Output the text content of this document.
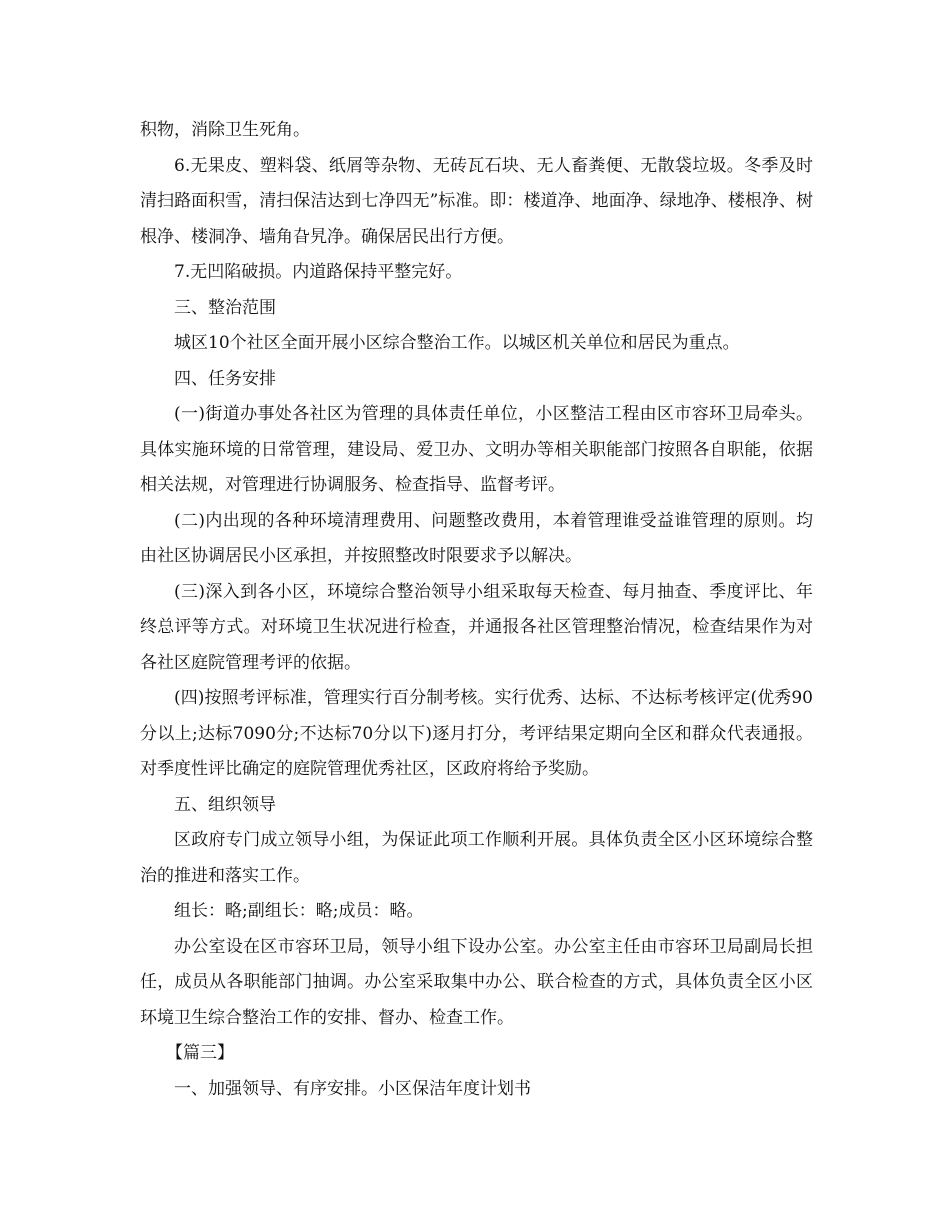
积物，消除卫生死角。

6.无果皮、塑料袋、纸屑等杂物、无砖瓦石块、无人畜粪便、无散袋垃圾。冬季及时清扫路面积雪，清扫保洁达到七净四无”标准。即：楼道净、地面净、绿地净、楼根净、树根净、楼洞净、墙角旮旯净。确保居民出行方便。

7.无凹陷破损。内道路保持平整完好。

三、整治范围

城区10个社区全面开展小区综合整治工作。以城区机关单位和居民为重点。

四、任务安排

(一)街道办事处各社区为管理的具体责任单位，小区整洁工程由区市容环卫局牵头。具体实施环境的日常管理，建设局、爱卫办、文明办等相关职能部门按照各自职能，依据相关法规，对管理进行协调服务、检查指导、监督考评。

(二)内出现的各种环境清理费用、问题整改费用，本着管理谁受益谁管理的原则。均由社区协调居民小区承担，并按照整改时限要求予以解决。

(三)深入到各小区，环境综合整治领导小组采取每天检查、每月抽查、季度评比、年终总评等方式。对环境卫生状况进行检查，并通报各社区管理整治情况，检查结果作为对各社区庭院管理考评的依据。

(四)按照考评标准，管理实行百分制考核。实行优秀、达标、不达标考核评定(优秀90分以上;达标7090分;不达标70分以下)逐月打分，考评结果定期向全区和群众代表通报。对季度性评比确定的庭院管理优秀社区，区政府将给予奖励。

五、组织领导

区政府专门成立领导小组，为保证此项工作顺利开展。具体负责全区小区环境综合整治的推进和落实工作。

组长：略;副组长：略;成员：略。

办公室设在区市容环卫局，领导小组下设办公室。办公室主任由市容环卫局副局长担任，成员从各职能部门抽调。办公室采取集中办公、联合检查的方式，具体负责全区小区环境卫生综合整治工作的安排、督办、检查工作。

【篇三】

一、加强领导、有序安排。小区保洁年度计划书
